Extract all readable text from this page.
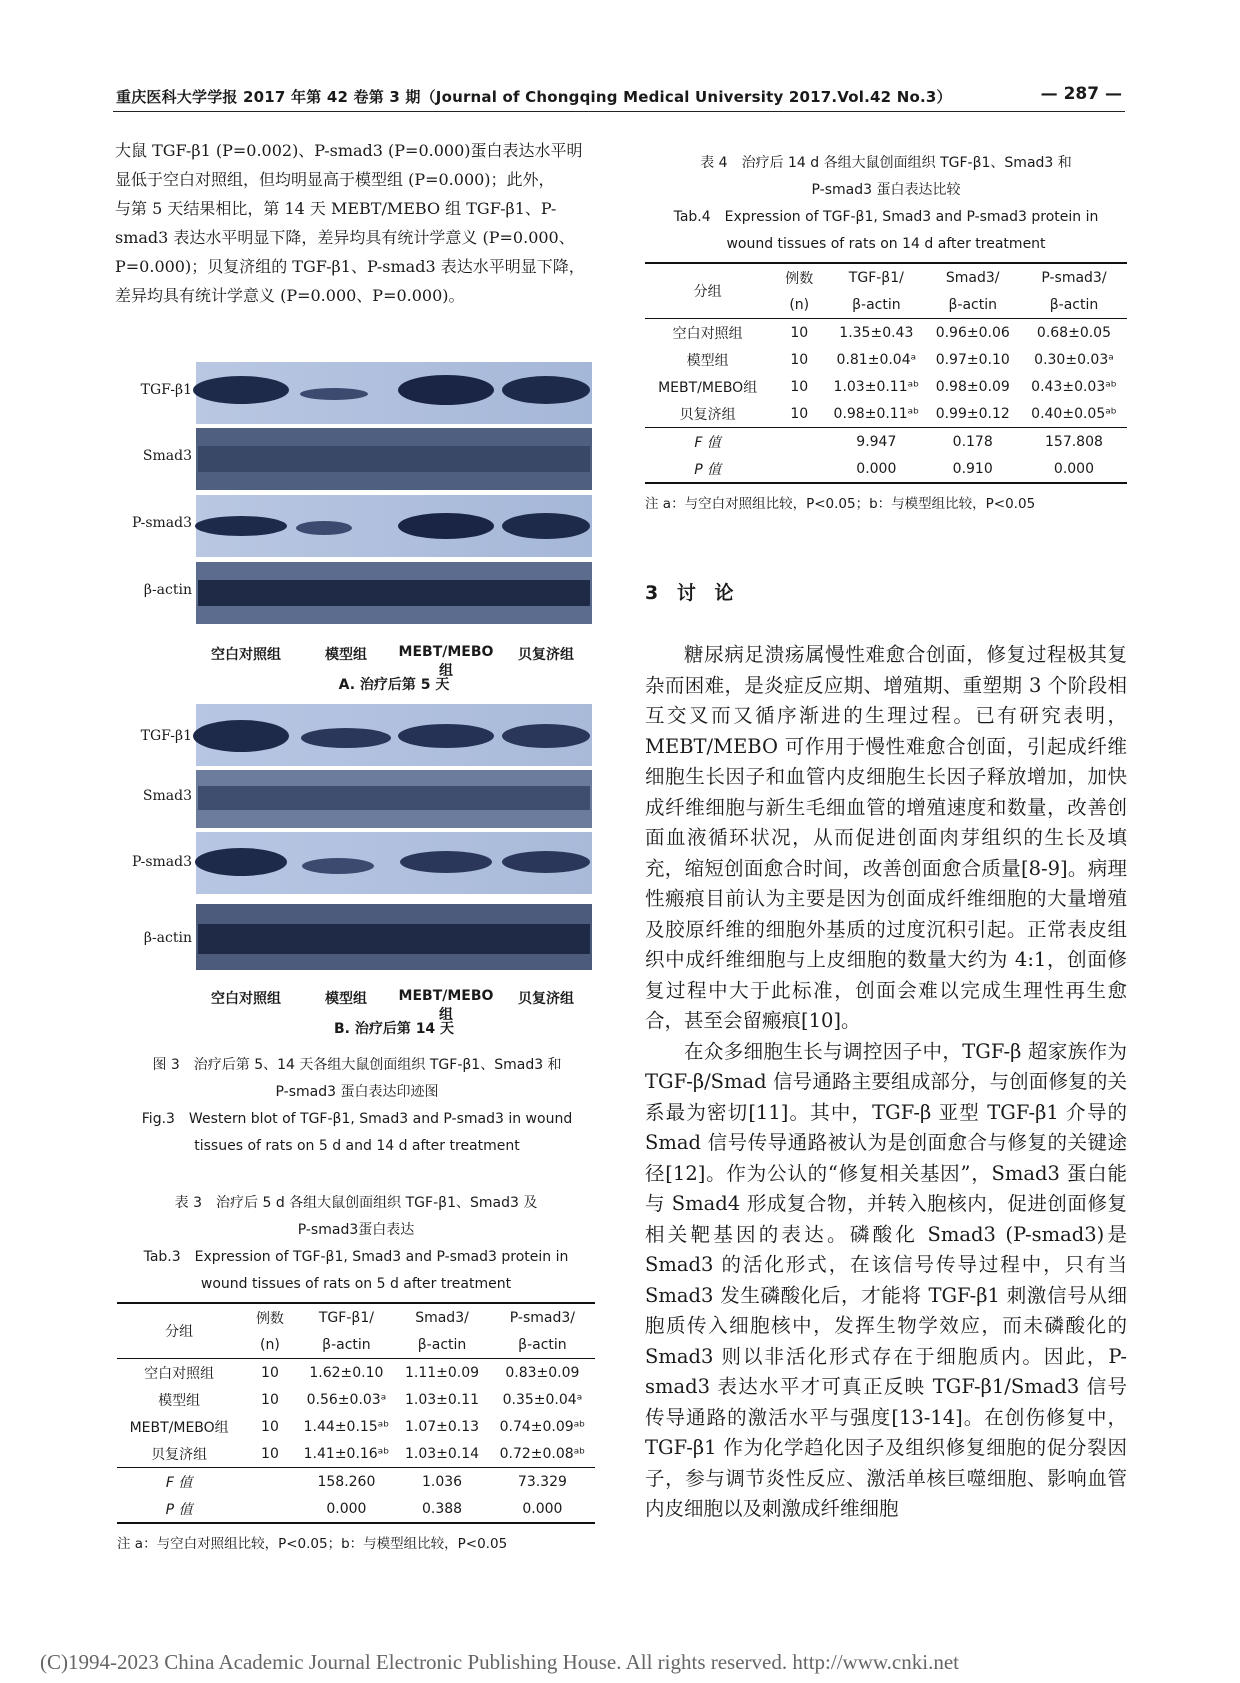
重庆医科大学学报 2017 年第 42 卷第 3 期（Journal of Chongqing Medical University 2017.Vol.42 No.3）	— 287 —

大鼠 TGF-β1 (P=0.002)、P-smad3 (P=0.000)蛋白表达水平明

显低于空白对照组，但均明显高于模型组 (P=0.000)；此外，

与第 5 天结果相比，第 14 天 MEBT/MEBO 组 TGF-β1、P-

smad3 表达水平明显下降，差异均具有统计学意义 (P=0.000、

P=0.000)；贝复济组的 TGF-β1、P-smad3 表达水平明显下降，

差异均具有统计学意义 (P=0.000、P=0.000)。

TGF-β1
Smad3
P-smad3
β-actin
空白对照组	模型组	MEBT/MEBO 组
贝复济组
A. 治疗后第 5 天
TGF-β1
Smad3
P-smad3
β-actin
空白对照组	模型组	MEBT/MEBO组
贝复济组
B. 治疗后第 14 天
图 3　治疗后第 5、14 天各组大鼠创面组织 TGF-β1、Smad3 和
P-smad3 蛋白表达印迹图
Fig.3　Western blot of TGF-β1, Smad3 and P-smad3 in wound
tissues of rats on 5 d and 14 d after treatment
表 3　治疗后 5 d 各组大鼠创面组织 TGF-β1、Smad3 及
P-smad3蛋白表达
Tab.3　Expression of TGF-β1, Smad3 and P-smad3 protein in
wound tissues of rats on 5 d after treatment
分组	例数	TGF-β1/	Smad3/	P-smad3/
	(n)	β-actin	β-actin	β-actin
空白对照组	10	1.62±0.10	1.11±0.09	0.83±0.09
模型组	10	0.56±0.03ᵃ	1.03±0.11	0.35±0.04ᵃ
MEBT/MEBO组	10	1.44±0.15ᵃᵇ	1.07±0.13	0.74±0.09ᵃᵇ
贝复济组	10	1.41±0.16ᵃᵇ	1.03±0.14	0.72±0.08ᵃᵇ
F 值		158.260	1.036	73.329
P 值		0.000	0.388	0.000
注 a：与空白对照组比较，P<0.05；b：与模型组比较，P<0.05
表 4　治疗后 14 d 各组大鼠创面组织 TGF-β1、Smad3 和
P-smad3 蛋白表达比较
Tab.4　Expression of TGF-β1, Smad3 and P-smad3 protein in
wound tissues of rats on 14 d after treatment
分组	例数	TGF-β1/	Smad3/	P-smad3/
	(n)	β-actin	β-actin	β-actin
空白对照组	10	1.35±0.43	0.96±0.06	0.68±0.05
模型组	10	0.81±0.04ᵃ	0.97±0.10	0.30±0.03ᵃ
MEBT/MEBO组	10	1.03±0.11ᵃᵇ	0.98±0.09	0.43±0.03ᵃᵇ
贝复济组	10	0.98±0.11ᵃᵇ	0.99±0.12	0.40±0.05ᵃᵇ
F 值		9.947	0.178	157.808
P 值		0.000	0.910	0.000
注 a：与空白对照组比较，P<0.05；b：与模型组比较，P<0.05
3 讨 论

糖尿病足溃疡属慢性难愈合创面，修复过程极其复杂而困难，是炎症反应期、增殖期、重塑期 3 个阶段相互交叉而又循序渐进的生理过程。已有研究表明，MEBT/MEBO 可作用于慢性难愈合创面，引起成纤维细胞生长因子和血管内皮细胞生长因子释放增加，加快成纤维细胞与新生毛细血管的增殖速度和数量，改善创面血液循环状况，从而促进创面肉芽组织的生长及填充，缩短创面愈合时间，改善创面愈合质量[8-9]。病理性瘢痕目前认为主要是因为创面成纤维细胞的大量增殖及胶原纤维的细胞外基质的过度沉积引起。正常表皮组织中成纤维细胞与上皮细胞的数量大约为 4:1，创面修复过程中大于此标准，创面会难以完成生理性再生愈合，甚至会留瘢痕[10]。

在众多细胞生长与调控因子中，TGF-β 超家族作为 TGF-β/Smad 信号通路主要组成部分，与创面修复的关系最为密切[11]。其中，TGF-β 亚型 TGF-β1 介导的 Smad 信号传导通路被认为是创面愈合与修复的关键途径[12]。作为公认的“修复相关基因”，Smad3 蛋白能与 Smad4 形成复合物，并转入胞核内，促进创面修复相关靶基因的表达。磷酸化 Smad3 (P-smad3)是 Smad3 的活化形式，在该信号传导过程中，只有当 Smad3 发生磷酸化后，才能将 TGF-β1 刺激信号从细胞质传入细胞核中，发挥生物学效应，而未磷酸化的 Smad3 则以非活化形式存在于细胞质内。因此，P-smad3 表达水平才可真正反映 TGF-β1/Smad3 信号传导通路的激活水平与强度[13-14]。在创伤修复中，TGF-β1 作为化学趋化因子及组织修复细胞的促分裂因子，参与调节炎性反应、激活单核巨噬细胞、影响血管内皮细胞以及刺激成纤维细胞

(C)1994-2023 China Academic Journal Electronic Publishing House. All rights reserved. http://www.cnki.net
